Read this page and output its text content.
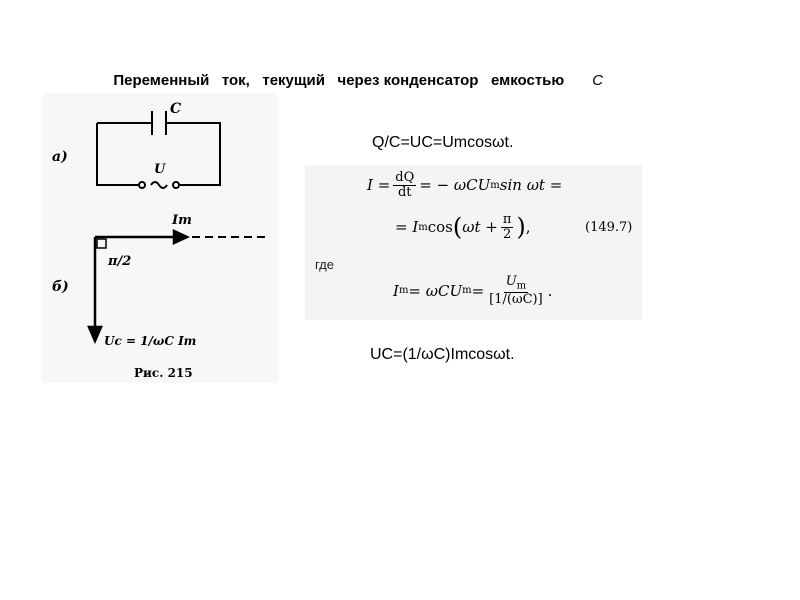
Переменный   ток,   текущий   через конденсатор   емкостью C

C
U
а)
Iт
π/2
б)
Uc = 1/ωC Iт
Рис. 215
Q/C=UC=Umcosωt.
где
$I = \frac{dQ}{dt}$ = − ωCU m sin ωt =
= I m cos ( $\omega t + \frac{\pi}{2}$ ) ,	(149.7)
I m = ωCU $m = \frac{U_m}{[1/(\omega C)]}$ .
UC=(1/ωC)Imcosωt.
